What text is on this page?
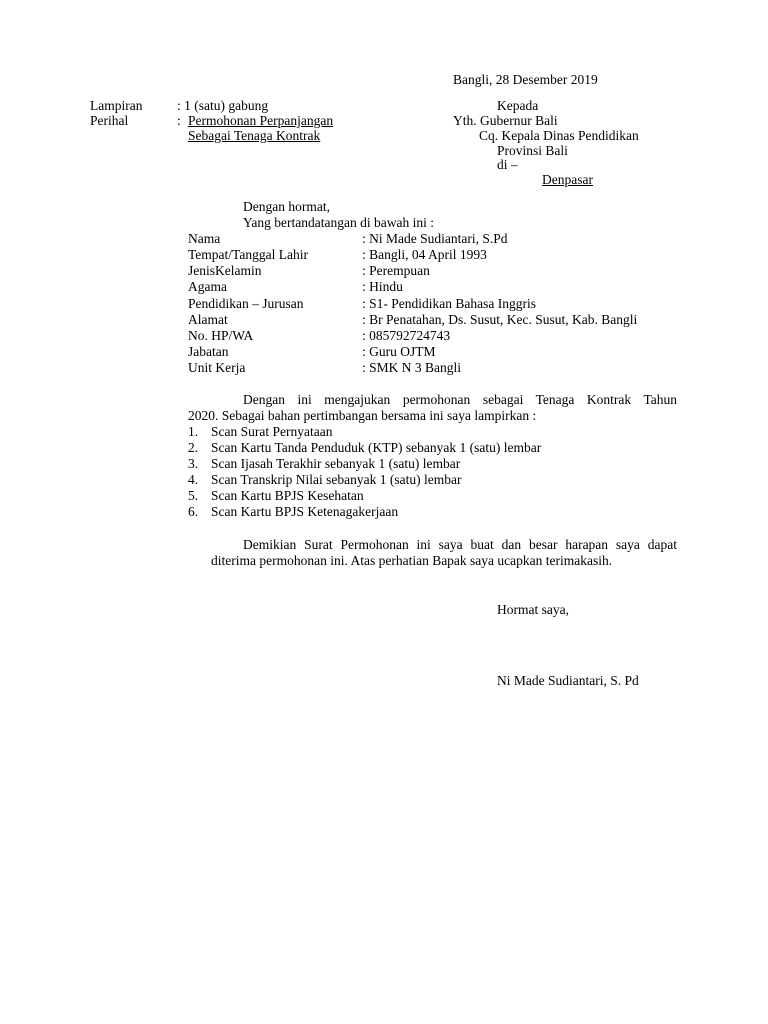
Bangli, 28 Desember 2019
Lampiran	: 1 (satu) gabung
Perihal	: Permohonan Perpanjangan
Sebagai Tenaga Kontrak
Kepada
Yth. Gubernur Bali
Cq. Kepala Dinas Pendidikan
Provinsi Bali
di –
Denpasar
Dengan hormat,
Yang bertandatangan di bawah ini :
Nama	: Ni Made Sudiantari, S.Pd
Tempat/Tanggal Lahir	: Bangli, 04 April 1993
JenisKelamin	: Perempuan
Agama	: Hindu
Pendidikan – Jurusan	: S1- Pendidikan Bahasa Inggris
Alamat	: Br Penatahan, Ds. Susut, Kec. Susut, Kab. Bangli
No. HP/WA	: 085792724743
Jabatan	: Guru OJTM
Unit Kerja	: SMK N 3 Bangli
Dengan ini mengajukan permohonan sebagai Tenaga Kontrak Tahun
2020. Sebagai bahan pertimbangan bersama ini saya lampirkan :
1. Scan Surat Pernyataan
2. Scan Kartu Tanda Penduduk (KTP) sebanyak 1 (satu) lembar
3. Scan Ijasah Terakhir sebanyak 1 (satu) lembar
4. Scan Transkrip Nilai sebanyak 1 (satu) lembar
5. Scan Kartu BPJS Kesehatan
6. Scan Kartu BPJS Ketenagakerjaan
Demikian Surat Permohonan ini saya buat dan besar harapan saya dapat
diterima permohonan ini. Atas perhatian Bapak saya ucapkan terimakasih.
Hormat saya,
Ni Made Sudiantari, S. Pd
